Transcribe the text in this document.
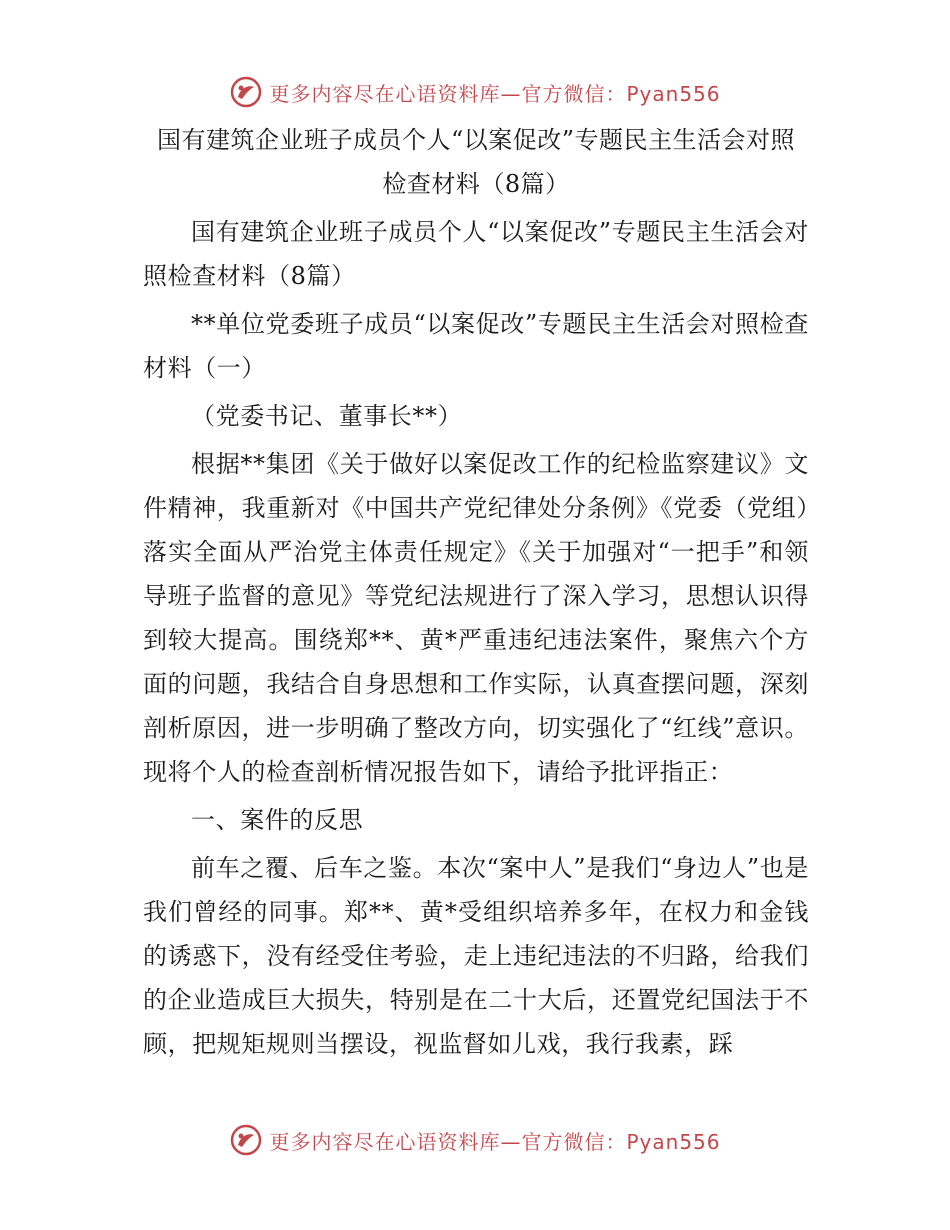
更多内容尽在心语资料库—官方微信：Pyan556

国有建筑企业班子成员个人“以案促改”专题民主生活会对照

检查材料（8篇）

国有建筑企业班子成员个人“以案促改”专题民主生活会对照检查材料（8篇）

**单位党委班子成员“以案促改”专题民主生活会对照检查材料（一）

（党委书记、董事长**）

根据**集团《关于做好以案促改工作的纪检监察建议》文件精神，我重新对《中国共产党纪律处分条例》《党委（党组）落实全面从严治党主体责任规定》《关于加强对“一把手”和领导班子监督的意见》等党纪法规进行了深入学习，思想认识得到较大提高。围绕郑**、黄*严重违纪违法案件，聚焦六个方面的问题，我结合自身思想和工作实际，认真查摆问题，深刻剖析原因，进一步明确了整改方向，切实强化了“红线”意识。现将个人的检查剖析情况报告如下，请给予批评指正：

一、案件的反思

前车之覆、后车之鉴。本次“案中人”是我们“身边人”也是我们曾经的同事。郑**、黄*受组织培养多年，在权力和金钱的诱惑下，没有经受住考验，走上违纪违法的不归路，给我们的企业造成巨大损失，特别是在二十大后，还置党纪国法于不顾，把规矩规则当摆设，视监督如儿戏，我行我素，踩

更多内容尽在心语资料库—官方微信：Pyan556
